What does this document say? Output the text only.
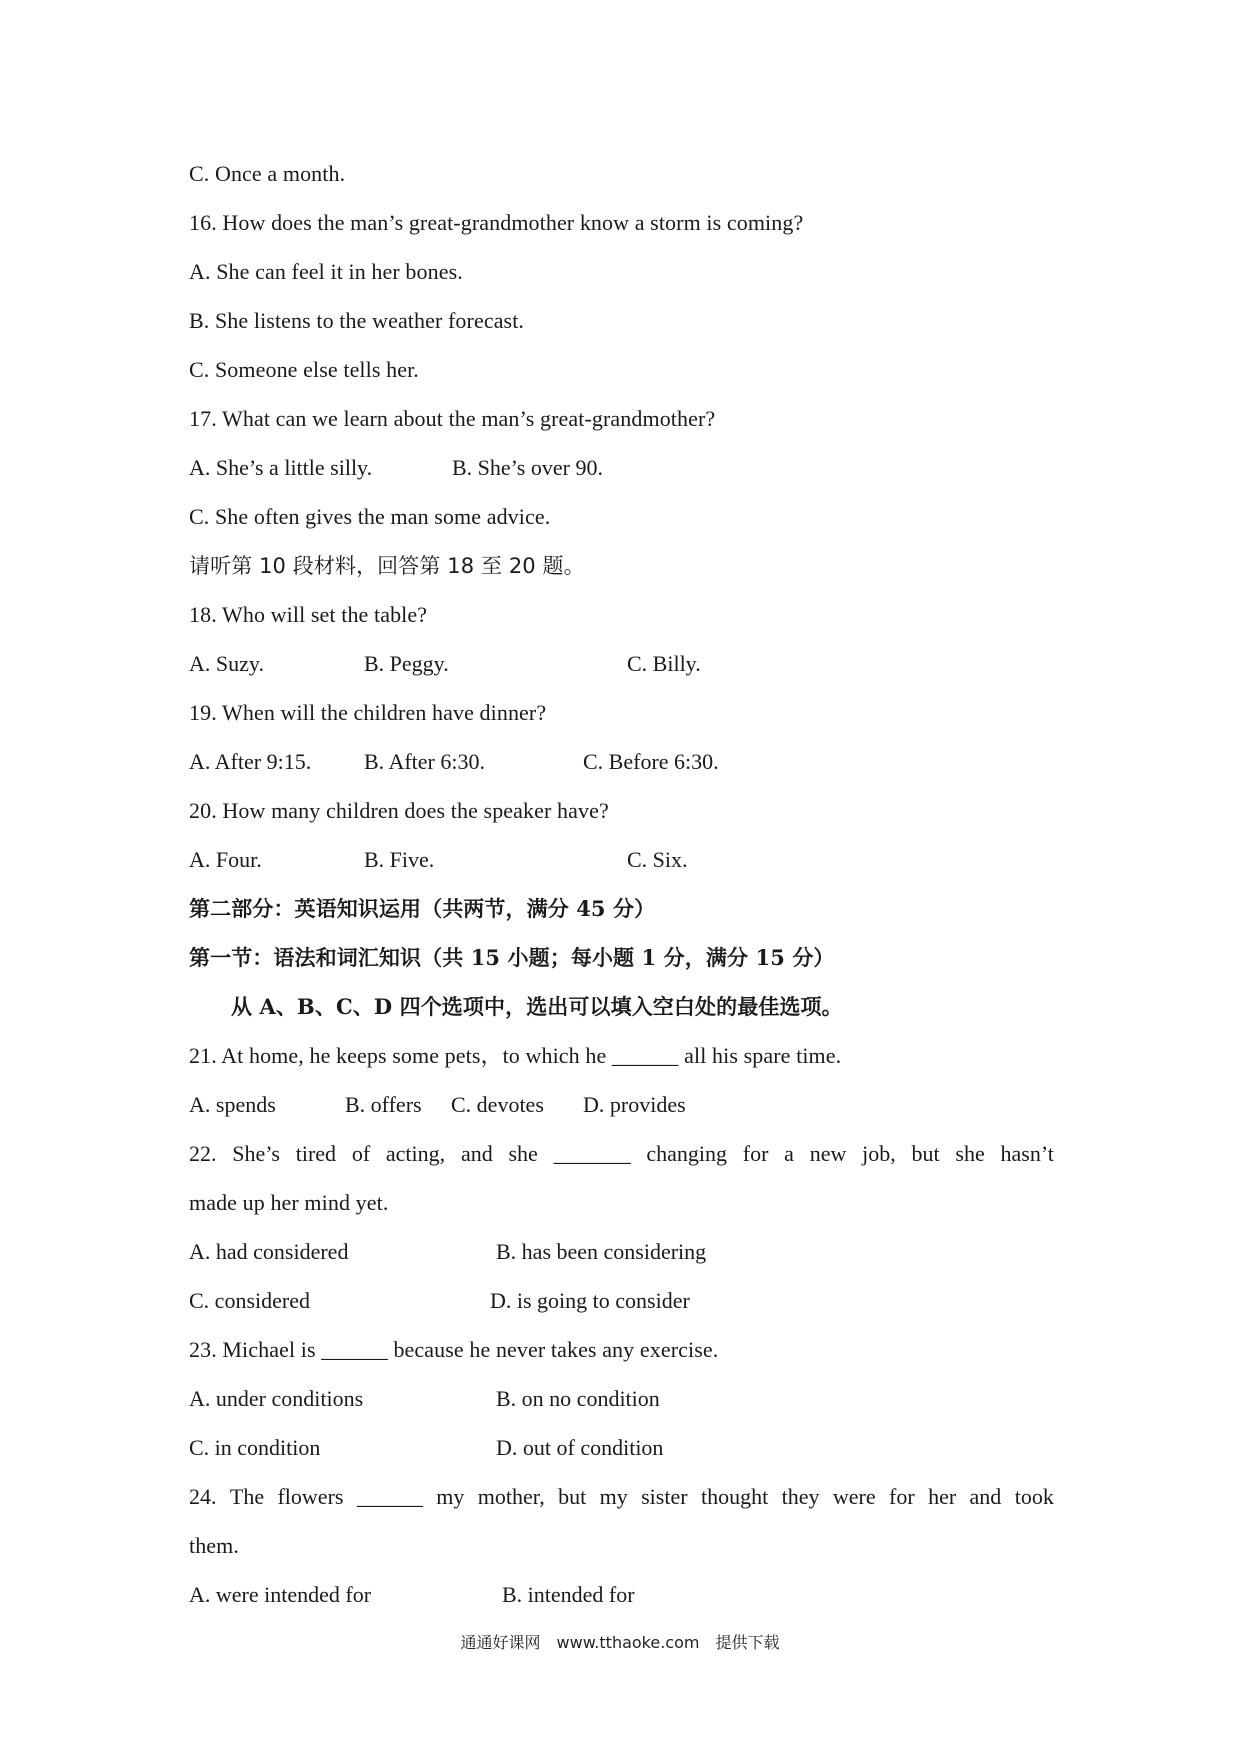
C. Once a month.
16. How does the man’s great-grandmother know a storm is coming?
A. She can feel it in her bones.
B. She listens to the weather forecast.
C. Someone else tells her.
17. What can we learn about the man’s great-grandmother?
A. She’s a little silly.	B. She’s over 90.
C. She often gives the man some advice.
请听第 10 段材料，回答第 18 至 20 题。
18. Who will set the table?
A. Suzy.	B. Peggy.	C. Billy.
19. When will the children have dinner?
A. After 9:15. B. After 6:30.	C. Before 6:30.
20. How many children does the speaker have?
A. Four.	B. Five.	C. Six.
第二部分：英语知识运用（共两节，满分 45 分）
第一节：语法和词汇知识（共 15 小题；每小题 1 分，满分 15 分）
从 A、B、C、D 四个选项中，选出可以填入空白处的最佳选项。
21. At home, he keeps some pets，to which he ______ all his spare time.
A. spends	B. offers C. devotes D. provides
22. She’s tired of acting, and she _______ changing for a new job, but she hasn’t
made up her mind yet.
A. had considered	B. has been considering
C. considered	D. is going to consider
23. Michael is ______ because he never takes any exercise.
A. under conditions	B. on no condition
C. in condition	D. out of condition
24. The flowers ______ my mother, but my sister thought they were for her and took
them.
A. were intended for	B. intended for
通通好课网　www.tthaoke.com　提供下载
